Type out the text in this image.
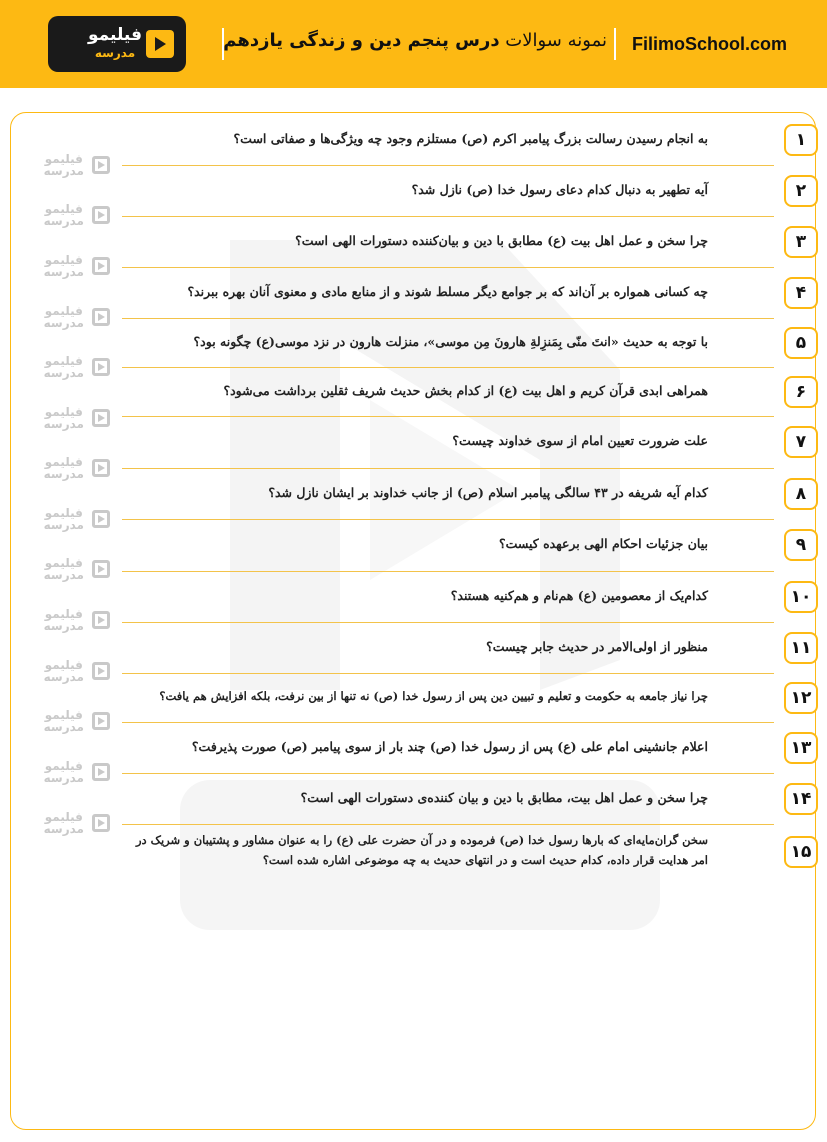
فیلیمو
مدرسه
نمونه سوالات درس پنجم دین و زندگی یازدهم	FilimoSchool.com
فیلیمو
مدرسه
فیلیمو
مدرسه
فیلیمو
مدرسه
فیلیمو
مدرسه
فیلیمو
مدرسه
فیلیمو
مدرسه
فیلیمو
مدرسه
فیلیمو
مدرسه
فیلیمو
مدرسه
فیلیمو
مدرسه
فیلیمو
مدرسه
فیلیمو
مدرسه
فیلیمو
مدرسه
فیلیمو
مدرسه
۱
به انجام رسیدن رسالت بزرگ پیامبر اکرم (ص) مستلزم وجود چه ویژگی‌ها و صفاتی است؟
۲
آیه تطهیر به دنبال کدام دعای رسول خدا (ص) نازل شد؟
۳
چرا سخن و عمل اهل بیت (ع) مطابق با دین و بیان‌کننده دستورات الهی است؟
۴
چه کسانی همواره بر آن‌اند که بر جوامع دیگر مسلط شوند و از منابع مادی و معنوی آنان بهره ببرند؟
۵
با توجه به حدیث «انتَ منّی بِمَنزِلةِ هارونَ مِن موسی»، منزلت هارون در نزد موسی(ع) چگونه بود؟
۶
همراهی ابدی قرآن کریم و اهل بیت (ع) از کدام بخش حدیث شریف ثقلین برداشت می‌شود؟
۷
علت ضرورت تعیین امام از سوی خداوند چیست؟
۸
کدام آیه شریفه در ۴۳ سالگی پیامبر اسلام (ص) از جانب خداوند بر ایشان نازل شد؟
۹
بیان جزئیات احکام الهی برعهده کیست؟
۱۰
کدام‌یک از معصومین (ع) هم‌نام و هم‌کنیه هستند؟
۱۱
منظور از اولی‌الامر در حدیث جابر چیست؟
۱۲
چرا نیاز جامعه به حکومت و تعلیم و تبیین دین پس از رسول خدا (ص) نه تنها از بین نرفت، بلکه افزایش هم یافت؟
۱۳
اعلام جانشینی امام علی (ع) پس از رسول خدا (ص) چند بار از سوی پیامبر (ص) صورت پذیرفت؟
۱۴
چرا سخن و عمل اهل بیت، مطابق با دین و بیان کننده‌ی دستورات الهی است؟
۱۵
سخن گران‌مایه‌ای که بارها رسول خدا (ص) فرموده و در آن حضرت علی (ع) را به عنوان مشاور و پشتیبان و شریک در امر هدایت قرار داده، کدام حدیث است و در انتهای حدیث به چه موضوعی اشاره شده است؟
